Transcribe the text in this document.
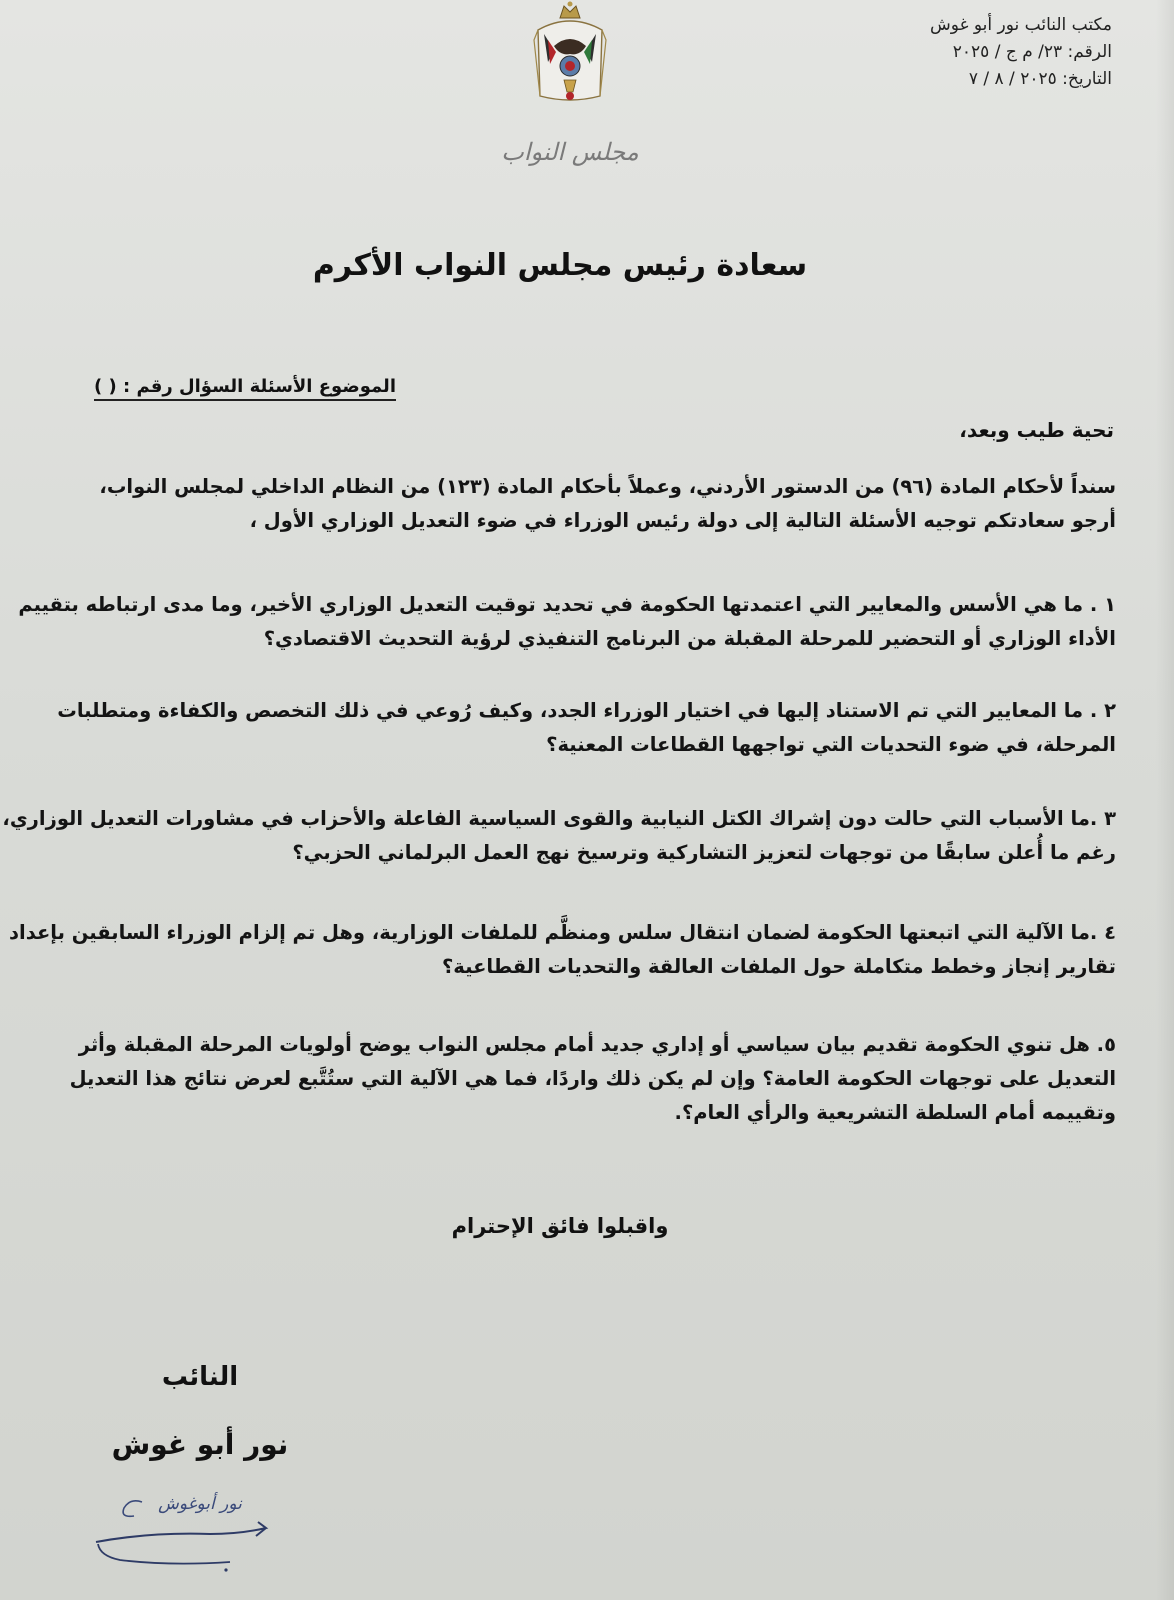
مكتب النائب نور أبو غوش
الرقم: ٢٣/ م ج / ٢٠٢٥
التاريخ: ٢٠٢٥ / ٨ / ٧
مجلس النواب
سعادة رئيس مجلس النواب الأكرم
الموضوع الأسئلة السؤال رقم : ( )
تحية طيب وبعد،
سنداً لأحكام المادة (٩٦) من الدستور الأردني، وعملاً بأحكام المادة (١٢٣) من النظام الداخلي لمجلس النواب،
أرجو سعادتكم توجيه الأسئلة التالية إلى دولة رئيس الوزراء في ضوء التعديل الوزاري الأول ،
١ . ما هي الأسس والمعايير التي اعتمدتها الحكومة في تحديد توقيت التعديل الوزاري الأخير، وما مدى ارتباطه بتقييم
الأداء الوزاري أو التحضير للمرحلة المقبلة من البرنامج التنفيذي لرؤية التحديث الاقتصادي؟
٢ . ما المعايير التي تم الاستناد إليها في اختيار الوزراء الجدد، وكيف رُوعي في ذلك التخصص والكفاءة ومتطلبات
المرحلة، في ضوء التحديات التي تواجهها القطاعات المعنية؟
٣ .ما الأسباب التي حالت دون إشراك الكتل النيابية والقوى السياسية الفاعلة والأحزاب في مشاورات التعديل الوزاري،
رغم ما أُعلن سابقًا من توجهات لتعزيز التشاركية وترسيخ نهج العمل البرلماني الحزبي؟
٤ .ما الآلية التي اتبعتها الحكومة لضمان انتقال سلس ومنظَّم للملفات الوزارية، وهل تم إلزام الوزراء السابقين بإعداد
تقارير إنجاز وخطط متكاملة حول الملفات العالقة والتحديات القطاعية؟
٥. هل تنوي الحكومة تقديم بيان سياسي أو إداري جديد أمام مجلس النواب يوضح أولويات المرحلة المقبلة وأثر
التعديل على توجهات الحكومة العامة؟ وإن لم يكن ذلك واردًا، فما هي الآلية التي ستُتَّبع لعرض نتائج هذا التعديل
وتقييمه أمام السلطة التشريعية والرأي العام؟.
واقبلوا فائق الإحترام
النائب
نور أبو غوش
نور أبوغوش
